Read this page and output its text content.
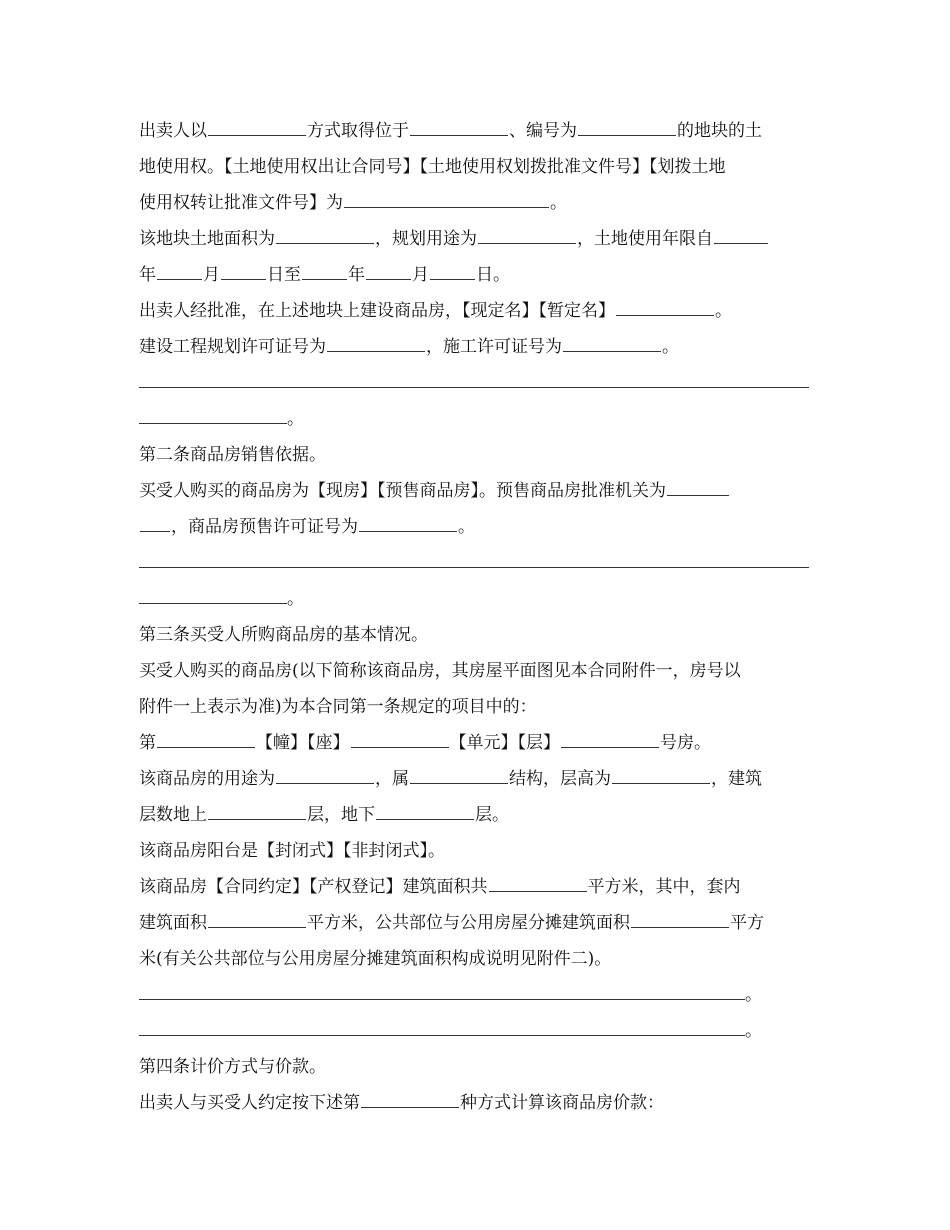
出卖人以	方式取得位于	、编号为	的地块的土
地使用权。【土地使用权出让合同号】【土地使用权划拨批准文件号】【划拨土地
使用权转让批准文件号】为	。
该地块土地面积为	，规划用途为	，土地使用年限自
年	月	日至	年	月	日。
出卖人经批准，在上述地块上建设商品房，【现定名】【暂定名】	。
建设工程规划许可证号为	，施工许可证号为	。
。
第二条商品房销售依据。
买受人购买的商品房为【现房】【预售商品房】。预售商品房批准机关为
，商品房预售许可证号为	。
。
第三条买受人所购商品房的基本情况。
买受人购买的商品房(以下简称该商品房，其房屋平面图见本合同附件一，房号以
附件一上表示为准)为本合同第一条规定的项目中的：
第	【幢】【座】	【单元】【层】	号房。
该商品房的用途为	，属	结构，层高为	，建筑
层数地上	层，地下	层。
该商品房阳台是【封闭式】【非封闭式】。
该商品房【合同约定】【产权登记】建筑面积共	平方米，其中，套内
建筑面积	平方米，公共部位与公用房屋分摊建筑面积	平方
米(有关公共部位与公用房屋分摊建筑面积构成说明见附件二)。
。
。
第四条计价方式与价款。
出卖人与买受人约定按下述第	种方式计算该商品房价款：
